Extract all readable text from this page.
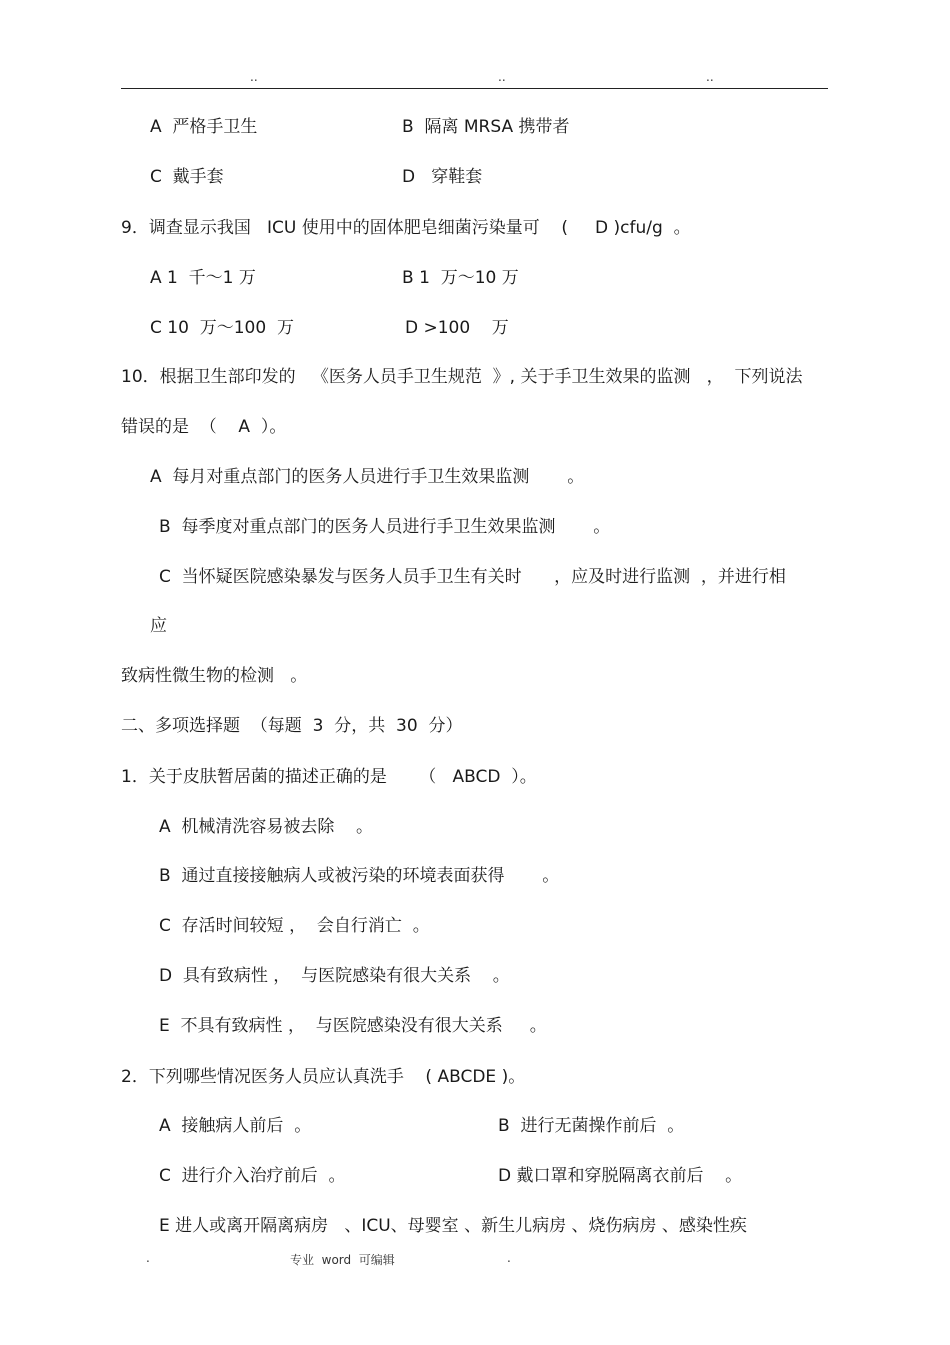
..	..	..
A  严格手卫生	B  隔离 MRSA 携带者
C  戴手套	D   穿鞋套
9．调查显示我国   ICU 使用中的固体肥皂细菌污染量可    (     D )cfu/g  。
A 1  千～1 万	B 1  万～10 万
C 10  万～100  万	D >100    万
10．根据卫生部印发的   《医务人员手卫生规范  》, 关于手卫生效果的监测   ，  下列说法
错误的是  （    A  ）。
A  每月对重点部门的医务人员进行手卫生效果监测       。
B  每季度对重点部门的医务人员进行手卫生效果监测       。
C  当怀疑医院感染暴发与医务人员手卫生有关时      ，应及时进行监测  ，并进行相
应
致病性微生物的检测   。
二、多项选择题  （每题  3  分，共  30  分）
1．关于皮肤暂居菌的描述正确的是      （   ABCD  ）。
A  机械清洗容易被去除    。
B  通过直接接触病人或被污染的环境表面获得       。
C  存活时间较短 ，  会自行消亡  。
D  具有致病性 ，  与医院感染有很大关系    。
E  不具有致病性 ，  与医院感染没有很大关系     。
2．下列哪些情况医务人员应认真洗手    ( ABCDE )。
A  接触病人前后  。	B  进行无菌操作前后  。
C  进行介入治疗前后  。	D 戴口罩和穿脱隔离衣前后    。
E 进人或离开隔离病房   、ICU、母婴室 、新生儿病房 、烧伤病房 、感染性疾
.	专业  word  可编辑	.
